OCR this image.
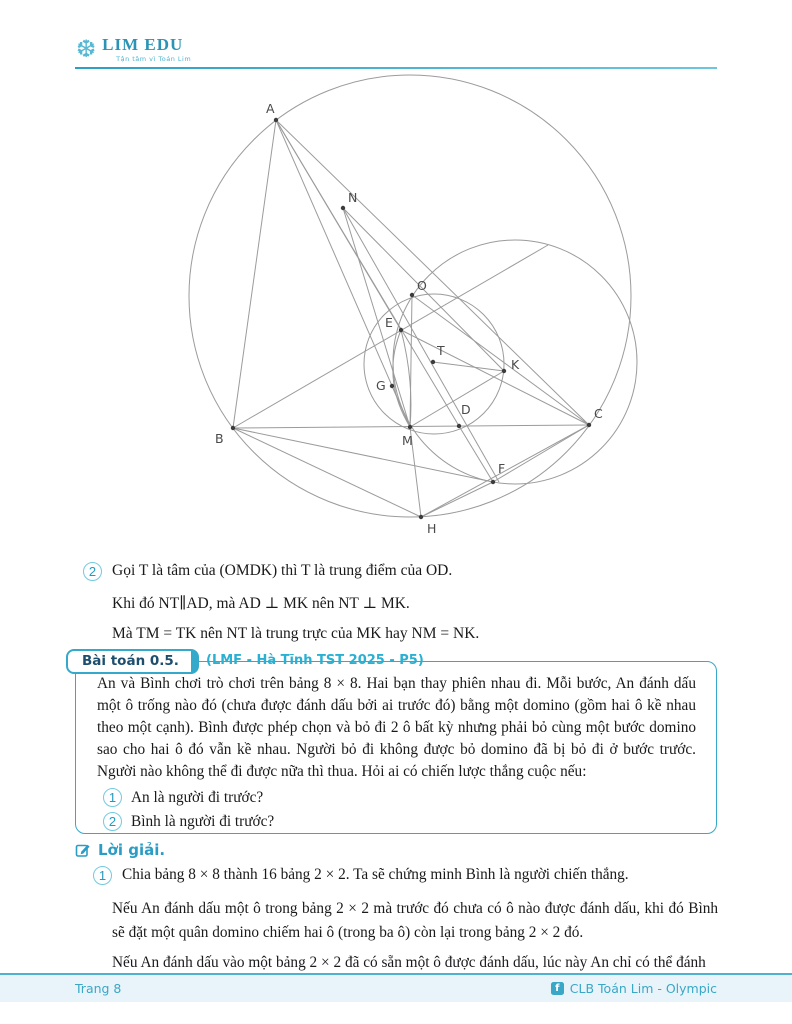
❆ LIM EDU
Tận tâm vì Toán Lim
A
N
O
E
T
K
G
D
M
B
C
F
H
2	Gọi T là tâm của (OMDK) thì T là trung điểm của OD.
Khi đó NT∥AD, mà AD ⊥ MK nên NT ⊥ MK.
Mà TM = TK nên NT là trung trực của MK hay NM = NK.
Bài toán 0.5.	(LMF - Hà Tĩnh TST 2025 - P5)
An và Bình chơi trò chơi trên bảng 8 × 8. Hai bạn thay phiên nhau đi. Mỗi bước, An đánh dấu một ô trống nào đó (chưa được đánh dấu bởi ai trước đó) bằng một domino (gồm hai ô kề nhau theo một cạnh). Bình được phép chọn và bỏ đi 2 ô bất kỳ nhưng phải bỏ cùng một bước domino sao cho hai ô đó vẫn kề nhau. Người bỏ đi không được bỏ domino đã bị bỏ đi ở bước trước. Người nào không thể đi được nữa thì thua. Hỏi ai có chiến lược thắng cuộc nếu:
1 An là người đi trước?
2 Bình là người đi trước?
Lời giải.
1	Chia bảng 8 × 8 thành 16 bảng 2 × 2. Ta sẽ chứng minh Bình là người chiến thắng.
Nếu An đánh dấu một ô trong bảng 2 × 2 mà trước đó chưa có ô nào được đánh dấu, khi đó Bình sẽ đặt một quân domino chiếm hai ô (trong ba ô) còn lại trong bảng 2 × 2 đó.
Nếu An đánh dấu vào một bảng 2 × 2 đã có sẵn một ô được đánh dấu, lúc này An chỉ có thể đánh
Trang 8	f CLB Toán Lim - Olympic
